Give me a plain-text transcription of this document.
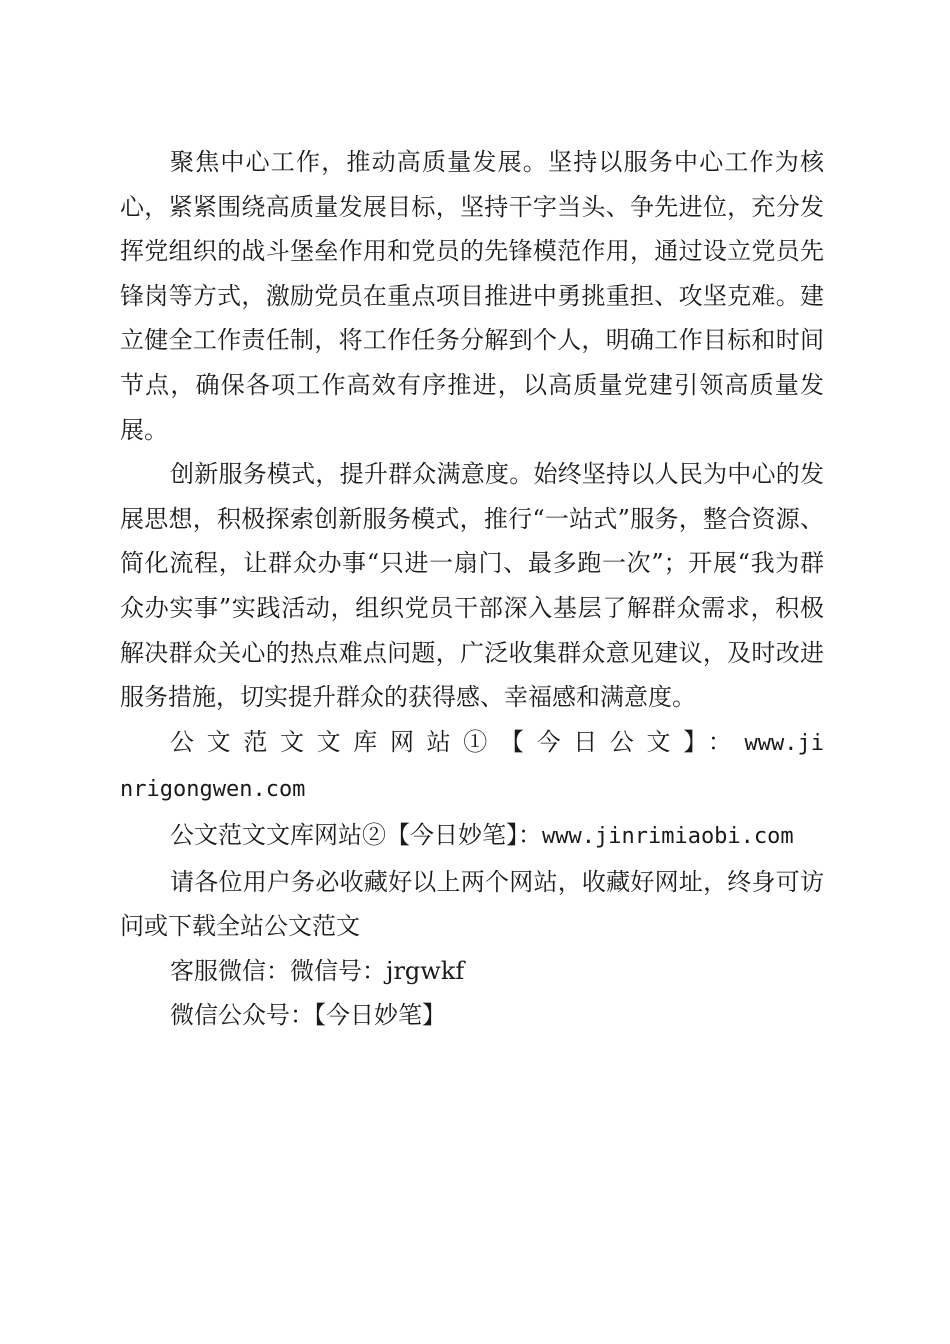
聚焦中心工作，推动高质量发展。坚持以服务中心工作为核心，紧紧围绕高质量发展目标，坚持干字当头、争先进位，充分发挥党组织的战斗堡垒作用和党员的先锋模范作用，通过设立党员先锋岗等方式，激励党员在重点项目推进中勇挑重担、攻坚克难。建立健全工作责任制，将工作任务分解到个人，明确工作目标和时间节点，确保各项工作高效有序推进，以高质量党建引领高质量发展。

创新服务模式，提升群众满意度。始终坚持以人民为中心的发展思想，积极探索创新服务模式，推行“一站式”服务，整合资源、简化流程，让群众办事“只进一扇门、最多跑一次”；开展“我为群众办实事”实践活动，组织党员干部深入基层了解群众需求，积极解决群众关心的热点难点问题，广泛收集群众意见建议，及时改进服务措施，切实提升群众的获得感、幸福感和满意度。

公文范文文库网站①【今日公文】：www.jinrigongwen.com

公文范文文库网站②【今日妙笔】：www.jinrimiaobi.com

请各位用户务必收藏好以上两个网站，收藏好网址，终身可访问或下载全站公文范文

客服微信：微信号：jrgwkf

微信公众号：【今日妙笔】
